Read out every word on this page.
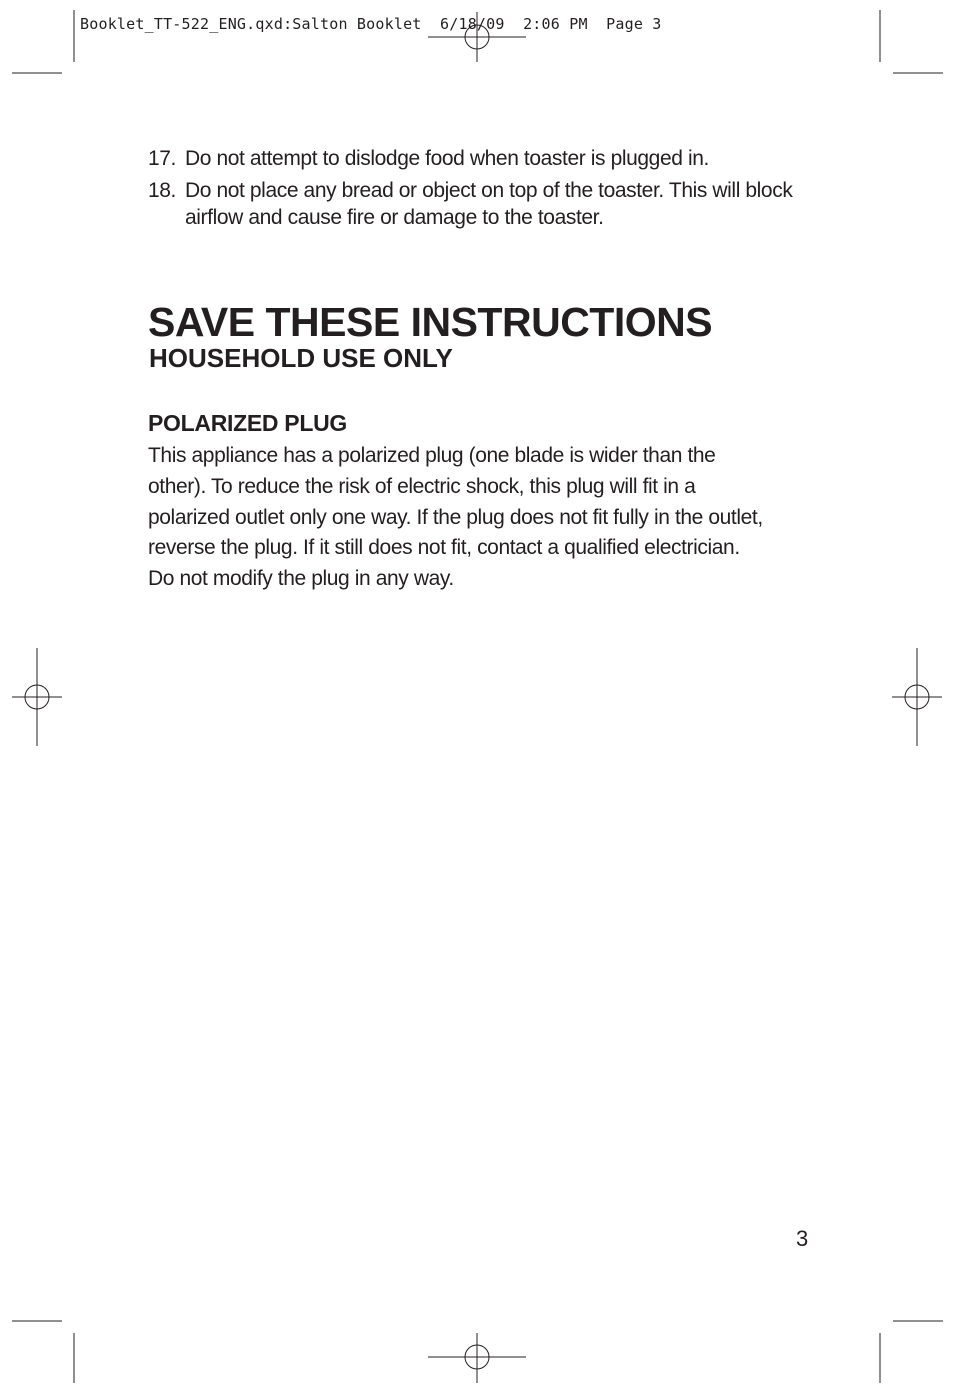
Booklet_TT-522_ENG.qxd:Salton Booklet  6/18/09  2:06 PM  Page 3
17. Do not attempt to dislodge food when toaster is plugged in.
18. Do not place any bread or object on top of the toaster. This will block airflow and cause fire or damage to the toaster.
SAVE THESE INSTRUCTIONS
HOUSEHOLD USE ONLY
POLARIZED PLUG

This appliance has a polarized plug (one blade is wider than the other). To reduce the risk of electric shock, this plug will fit in a polarized outlet only one way. If the plug does not fit fully in the outlet, reverse the plug. If it still does not fit, contact a qualified electrician. Do not modify the plug in any way.

3
